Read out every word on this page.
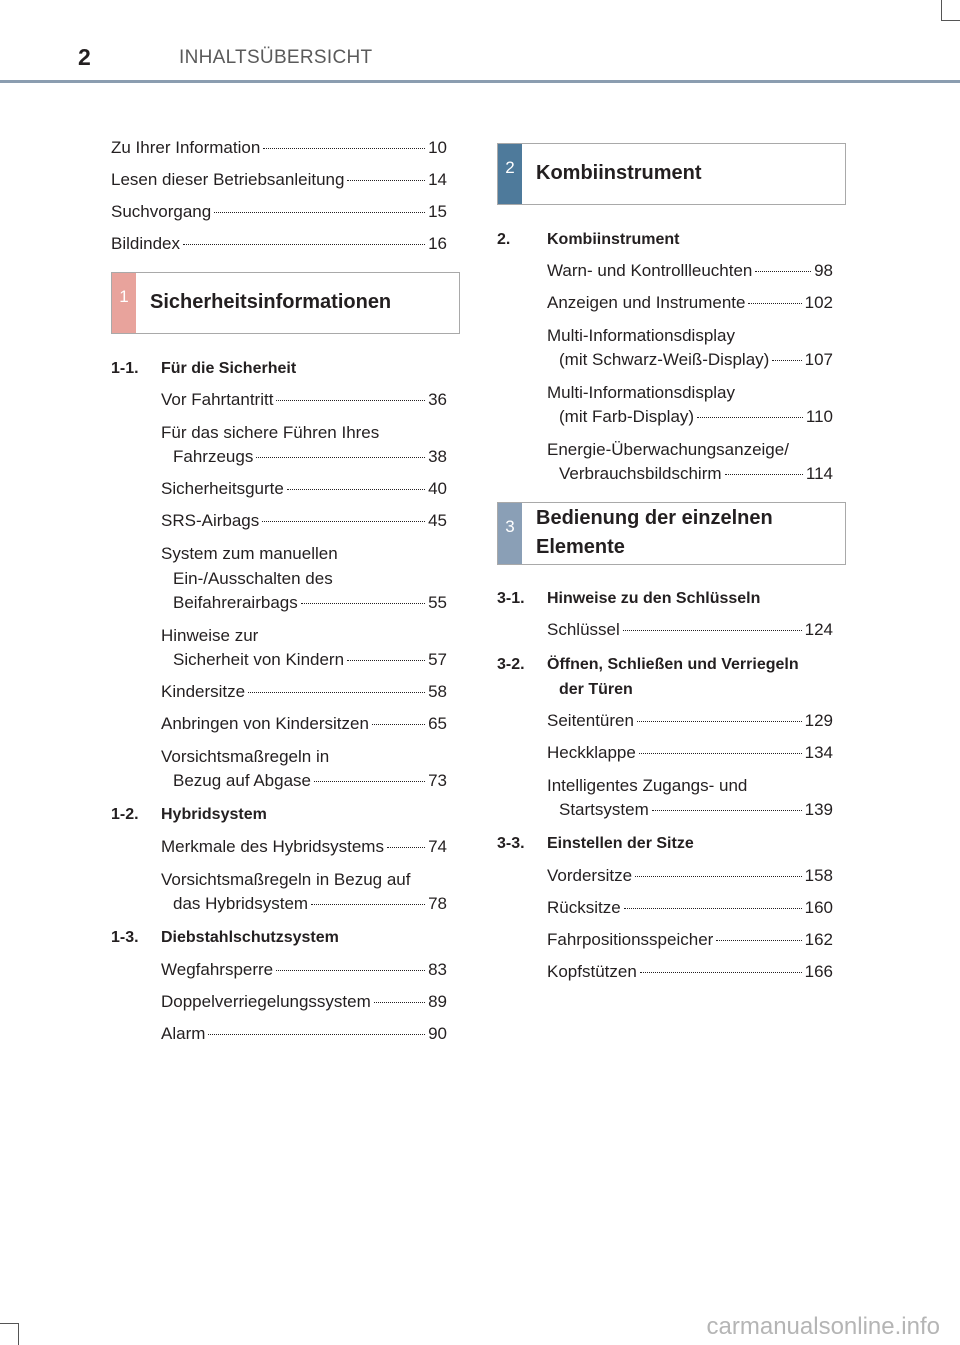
2	INHALTSÜBERSICHT
Zu Ihrer Information	10
Lesen dieser Betriebsanleitung	14
Suchvorgang	15
Bildindex	16
1	Sicherheitsinformationen
1-1. Für die Sicherheit
Vor Fahrtantritt	36
Für das sichere Führen Ihres
Fahrzeugs	38
Sicherheitsgurte	40
SRS-Airbags	45
System zum manuellen
Ein-/Ausschalten des
Beifahrerairbags	55
Hinweise zur
Sicherheit von Kindern	57
Kindersitze	58
Anbringen von Kindersitzen	65
Vorsichtsmaßregeln in
Bezug auf Abgase	73
1-2. Hybridsystem
Merkmale des Hybridsystems	74
Vorsichtsmaßregeln in Bezug auf
das Hybridsystem	78
1-3. Diebstahlschutzsystem
Wegfahrsperre	83
Doppelverriegelungssystem	89
Alarm	90
2	Kombiinstrument
2. Kombiinstrument
Warn- und Kontrollleuchten	98
Anzeigen und Instrumente	102
Multi-Informationsdisplay
(mit Schwarz-Weiß-Display) 107
Multi-Informationsdisplay
(mit Farb-Display)	110
Energie-Überwachungsanzeige/
Verbrauchsbildschirm	114
3	Bedienung der einzelnen
Elemente
3-1. Hinweise zu den Schlüsseln
Schlüssel	124
3-2. Öffnen, Schließen und Verriegeln
der Türen
Seitentüren	129
Heckklappe	134
Intelligentes Zugangs- und
Startsystem	139
3-3. Einstellen der Sitze
Vordersitze	158
Rücksitze	160
Fahrpositionsspeicher	162
Kopfstützen	166
carmanualsonline.info
